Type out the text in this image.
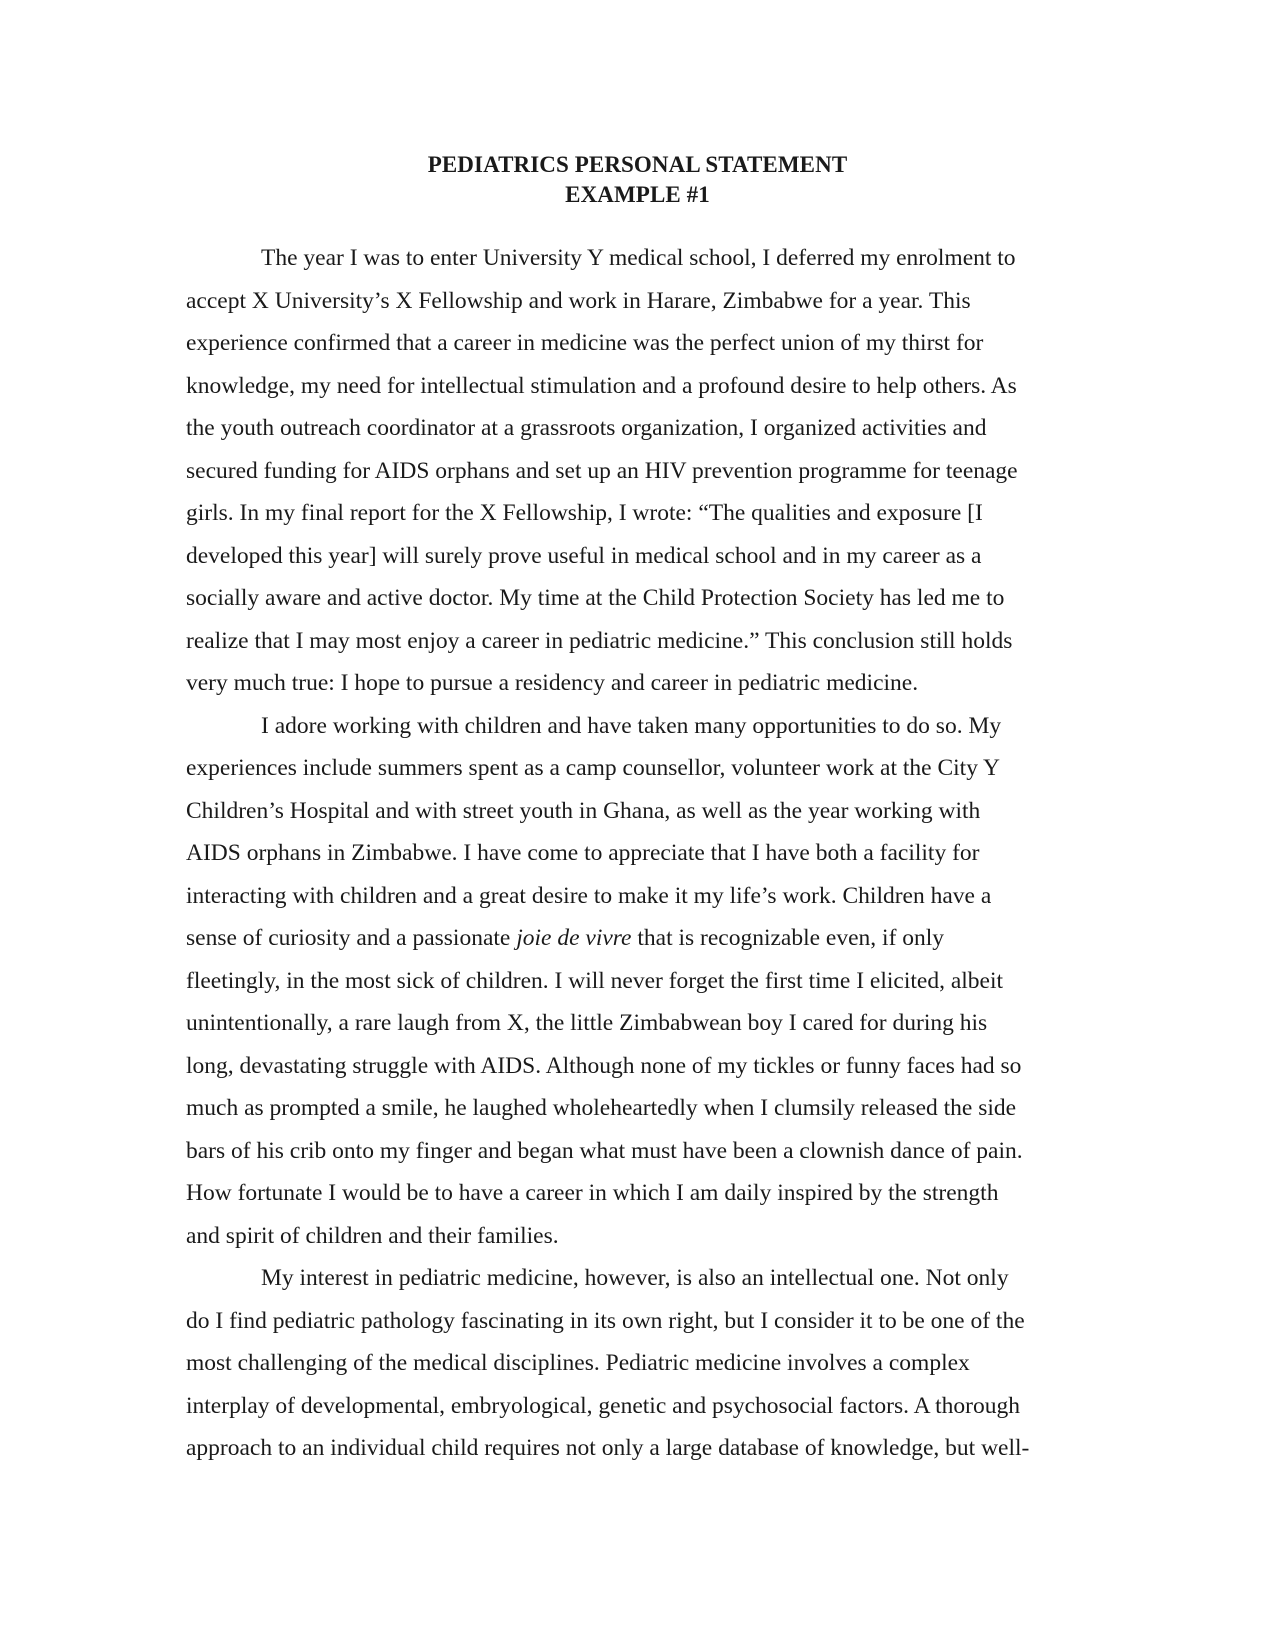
PEDIATRICS PERSONAL STATEMENT
EXAMPLE #1
The year I was to enter University Y medical school, I deferred my enrolment to
accept X University’s X Fellowship and work in Harare, Zimbabwe for a year. This
experience confirmed that a career in medicine was the perfect union of my thirst for
knowledge, my need for intellectual stimulation and a profound desire to help others. As
the youth outreach coordinator at a grassroots organization, I organized activities and
secured funding for AIDS orphans and set up an HIV prevention programme for teenage
girls. In my final report for the X Fellowship, I wrote: “The qualities and exposure [I
developed this year] will surely prove useful in medical school and in my career as a
socially aware and active doctor. My time at the Child Protection Society has led me to
realize that I may most enjoy a career in pediatric medicine.” This conclusion still holds
very much true: I hope to pursue a residency and career in pediatric medicine.
I adore working with children and have taken many opportunities to do so. My
experiences include summers spent as a camp counsellor, volunteer work at the City Y
Children’s Hospital and with street youth in Ghana, as well as the year working with
AIDS orphans in Zimbabwe. I have come to appreciate that I have both a facility for
interacting with children and a great desire to make it my life’s work. Children have a
sense of curiosity and a passionate joie de vivre that is recognizable even, if only
fleetingly, in the most sick of children. I will never forget the first time I elicited, albeit
unintentionally, a rare laugh from X, the little Zimbabwean boy I cared for during his
long, devastating struggle with AIDS. Although none of my tickles or funny faces had so
much as prompted a smile, he laughed wholeheartedly when I clumsily released the side
bars of his crib onto my finger and began what must have been a clownish dance of pain.
How fortunate I would be to have a career in which I am daily inspired by the strength
and spirit of children and their families.
My interest in pediatric medicine, however, is also an intellectual one. Not only
do I find pediatric pathology fascinating in its own right, but I consider it to be one of the
most challenging of the medical disciplines. Pediatric medicine involves a complex
interplay of developmental, embryological, genetic and psychosocial factors. A thorough
approach to an individual child requires not only a large database of knowledge, but well-
